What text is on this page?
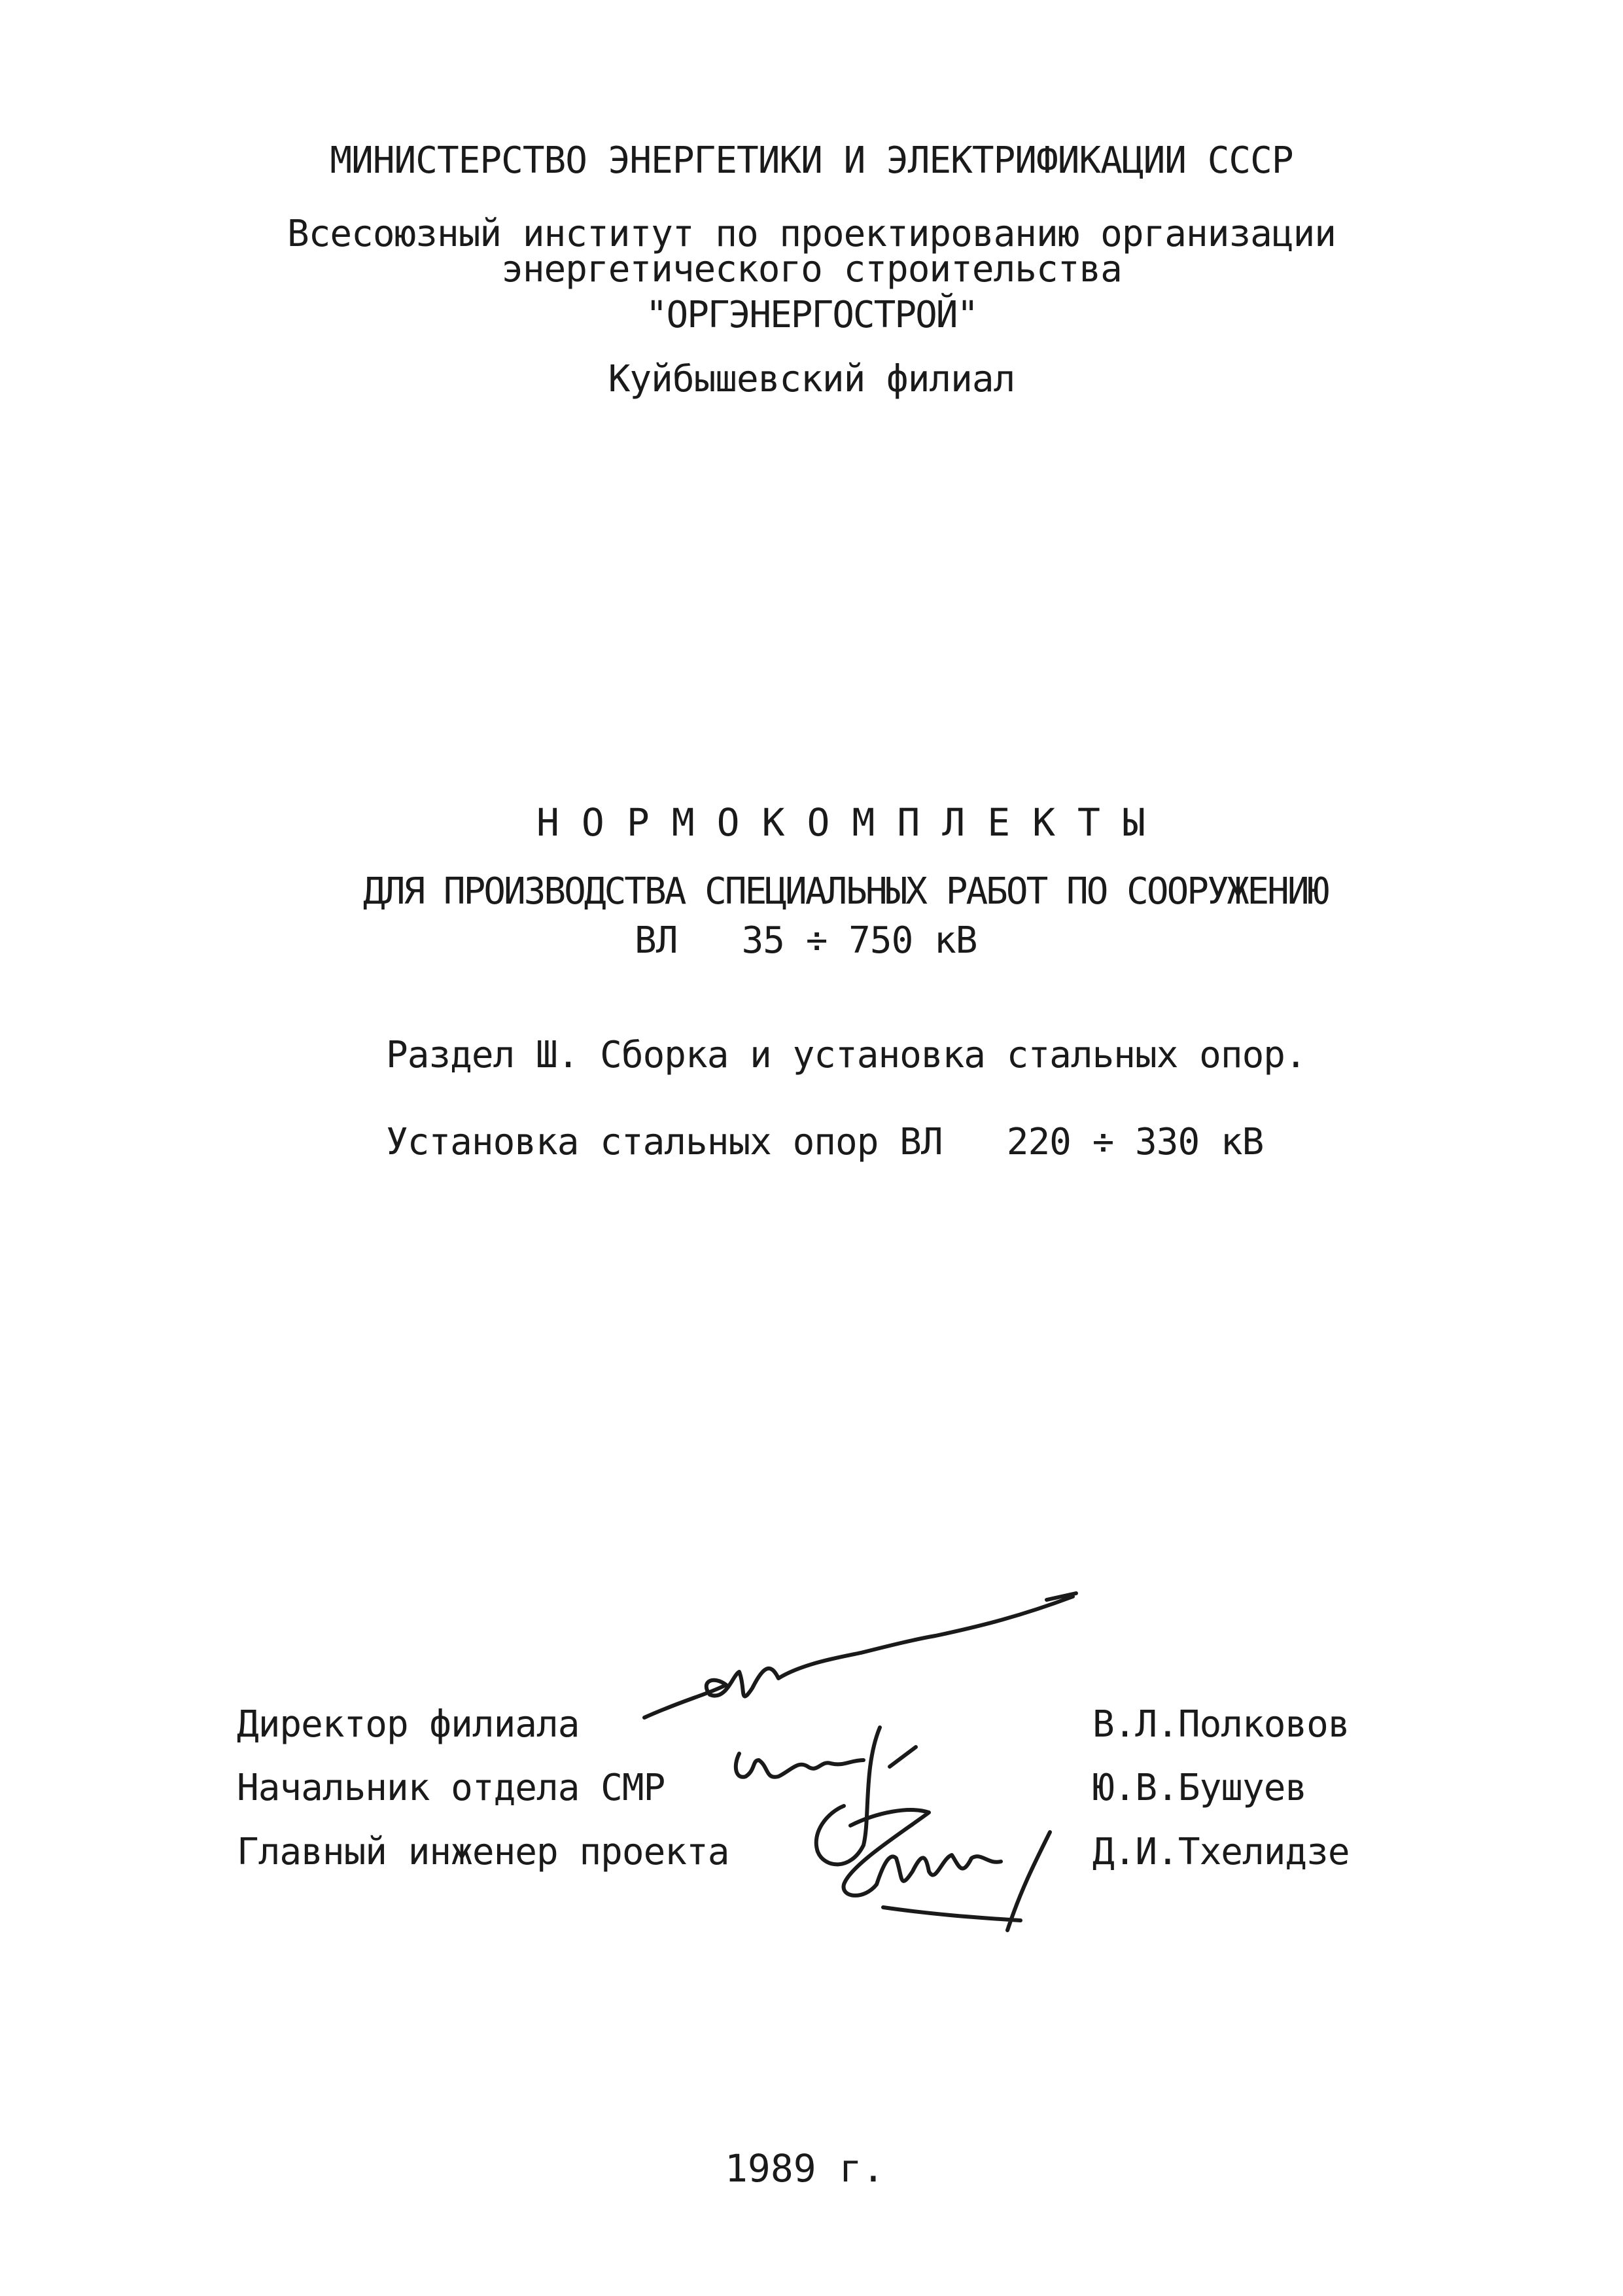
МИНИСТЕРСТВО ЭНЕРГЕТИКИ И ЭЛЕКТРИФИКАЦИИ СССР
Всесоюзный институт по проектированию организации
энергетического строительства
"ОРГЭНЕРГОСТРОЙ"
Куйбышевский филиал
НОРМОКОМПЛЕКТЫ
ДЛЯ ПРОИЗВОДСТВА СПЕЦИАЛЬНЫХ РАБОТ ПО СООРУЖЕНИЮ
ВЛ   35 ÷ 750 кВ
Раздел Ш. Сборка и установка стальных опор.
Установка стальных опор ВЛ   220 ÷ 330 кВ
Директор филиала	В.Л.Полковов
Начальник отдела СМР	Ю.В.Бушуев
Главный инженер проекта	Д.И.Тхелидзе
1989 г.
